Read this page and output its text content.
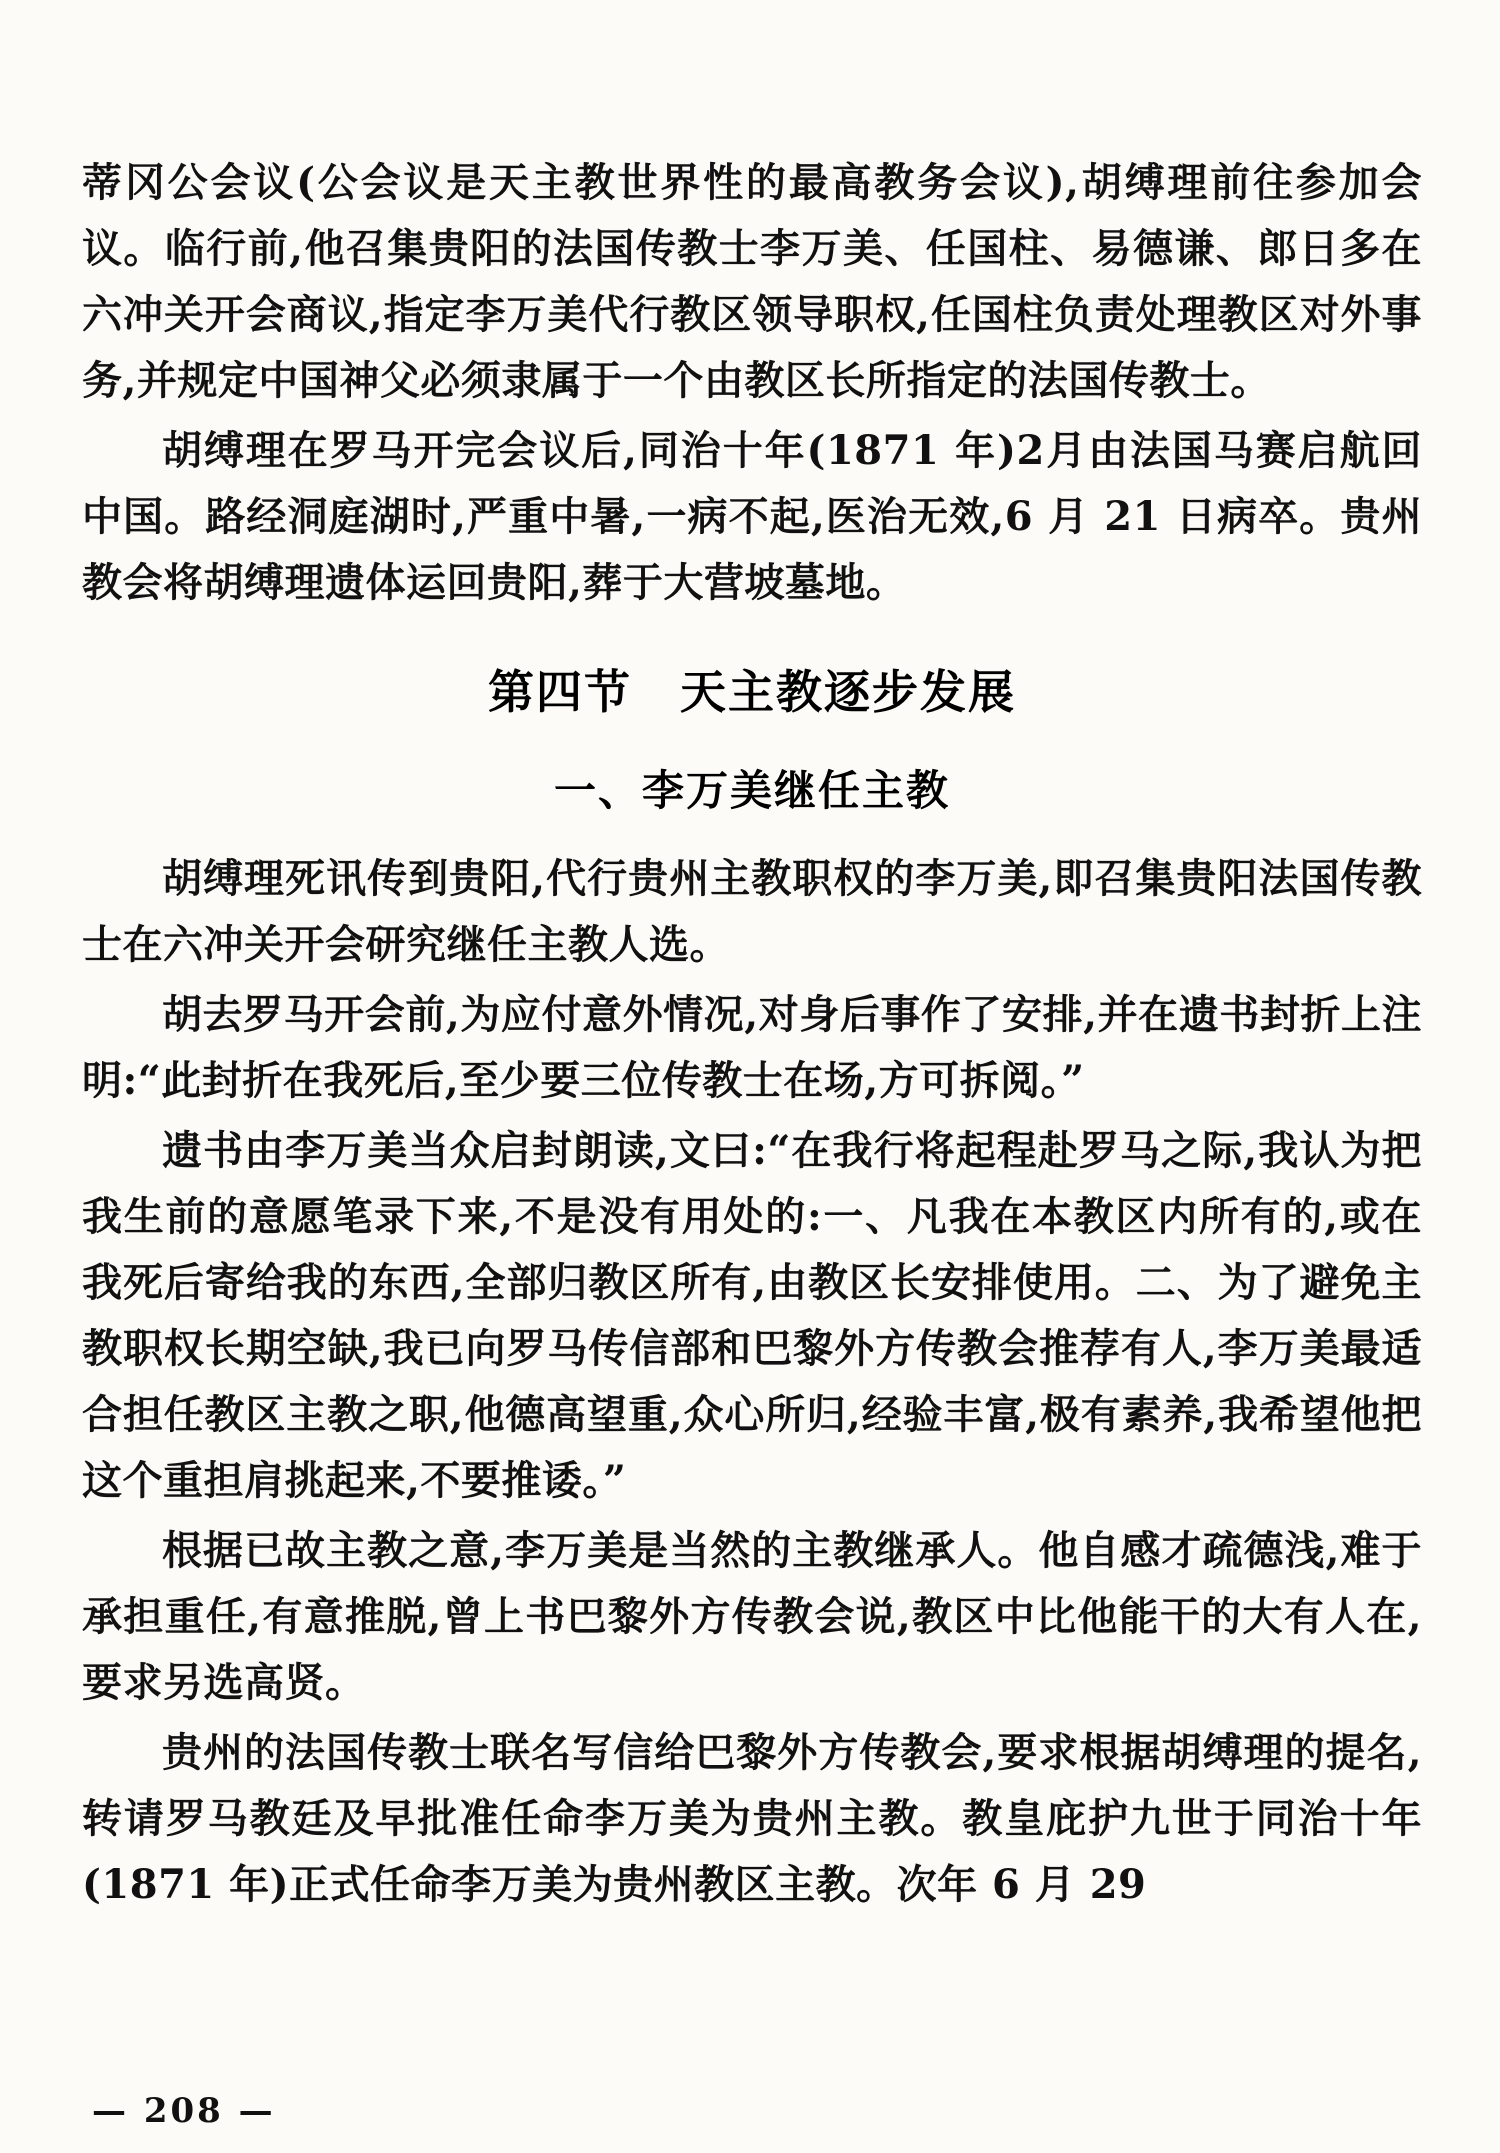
蒂冈公会议(公会议是天主教世界性的最高教务会议),胡缚理前往参加会议。临行前,他召集贵阳的法国传教士李万美、任国柱、易德谦、郎日多在六冲关开会商议,指定李万美代行教区领导职权,任国柱负责处理教区对外事务,并规定中国神父必须隶属于一个由教区长所指定的法国传教士。

胡缚理在罗马开完会议后,同治十年(1871 年)2月由法国马赛启航回中国。路经洞庭湖时,严重中暑,一病不起,医治无效,6 月 21 日病卒。贵州教会将胡缚理遗体运回贵阳,葬于大营坡墓地。

第四节　天主教逐步发展
一、李万美继任主教

胡缚理死讯传到贵阳,代行贵州主教职权的李万美,即召集贵阳法国传教士在六冲关开会研究继任主教人选。

胡去罗马开会前,为应付意外情况,对身后事作了安排,并在遗书封折上注明:“此封折在我死后,至少要三位传教士在场,方可拆阅。”

遗书由李万美当众启封朗读,文曰:“在我行将起程赴罗马之际,我认为把我生前的意愿笔录下来,不是没有用处的:一、凡我在本教区内所有的,或在我死后寄给我的东西,全部归教区所有,由教区长安排使用。二、为了避免主教职权长期空缺,我已向罗马传信部和巴黎外方传教会推荐有人,李万美最适合担任教区主教之职,他德高望重,众心所归,经验丰富,极有素养,我希望他把这个重担肩挑起来,不要推诿。”

根据已故主教之意,李万美是当然的主教继承人。他自感才疏德浅,难于承担重任,有意推脱,曾上书巴黎外方传教会说,教区中比他能干的大有人在,要求另选高贤。

贵州的法国传教士联名写信给巴黎外方传教会,要求根据胡缚理的提名,转请罗马教廷及早批准任命李万美为贵州主教。教皇庇护九世于同治十年(1871 年)正式任命李万美为贵州教区主教。次年 6 月 29

— 208 —
